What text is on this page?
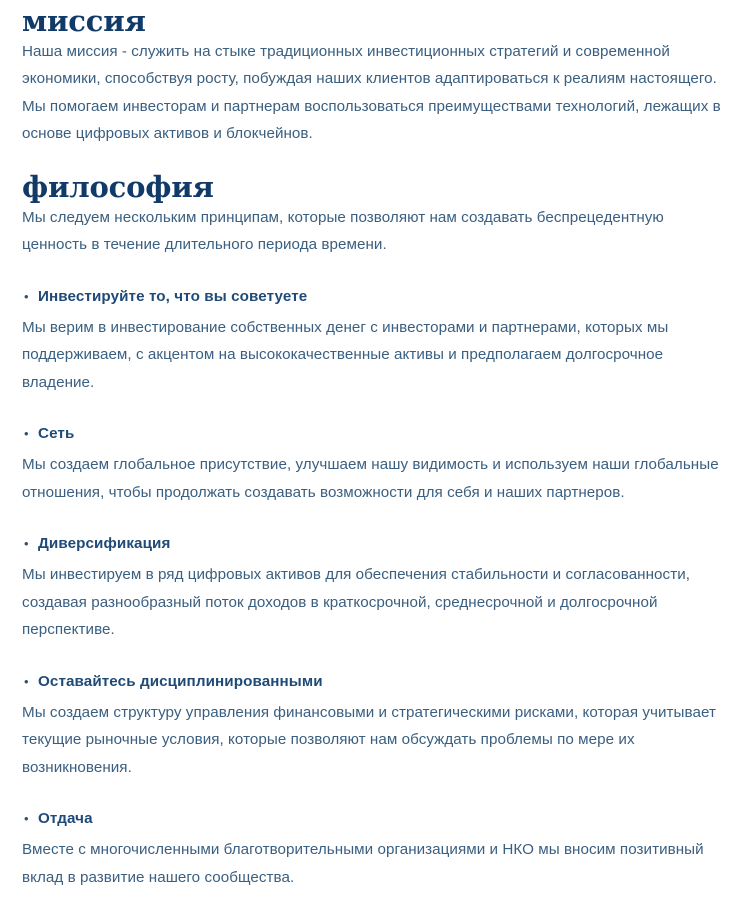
миссия

Наша миссия - служить на стыке традиционных инвестиционных стратегий и современной экономики, способствуя росту, побуждая наших клиентов адаптироваться к реалиям настоящего. Мы помогаем инвесторам и партнерам воспользоваться преимуществами технологий, лежащих в основе цифровых активов и блокчейнов.

философия

Мы следуем нескольким принципам, которые позволяют нам создавать беспрецедентную ценность в течение длительного периода времени.

• Инвестируйте то, что вы советуете

Мы верим в инвестирование собственных денег с инвесторами и партнерами, которых мы поддерживаем, с акцентом на высококачественные активы и предполагаем долгосрочное владение.

• Сеть

Мы создаем глобальное присутствие, улучшаем нашу видимость и используем наши глобальные отношения, чтобы продолжать создавать возможности для себя и наших партнеров.

• Диверсификация

Мы инвестируем в ряд цифровых активов для обеспечения стабильности и согласованности, создавая разнообразный поток доходов в краткосрочной, среднесрочной и долгосрочной перспективе.

• Оставайтесь дисциплинированными

Мы создаем структуру управления финансовыми и стратегическими рисками, которая учитывает текущие рыночные условия, которые позволяют нам обсуждать проблемы по мере их возникновения.

• Отдача

Вместе с многочисленными благотворительными организациями и НКО мы вносим позитивный вклад в развитие нашего сообщества.
